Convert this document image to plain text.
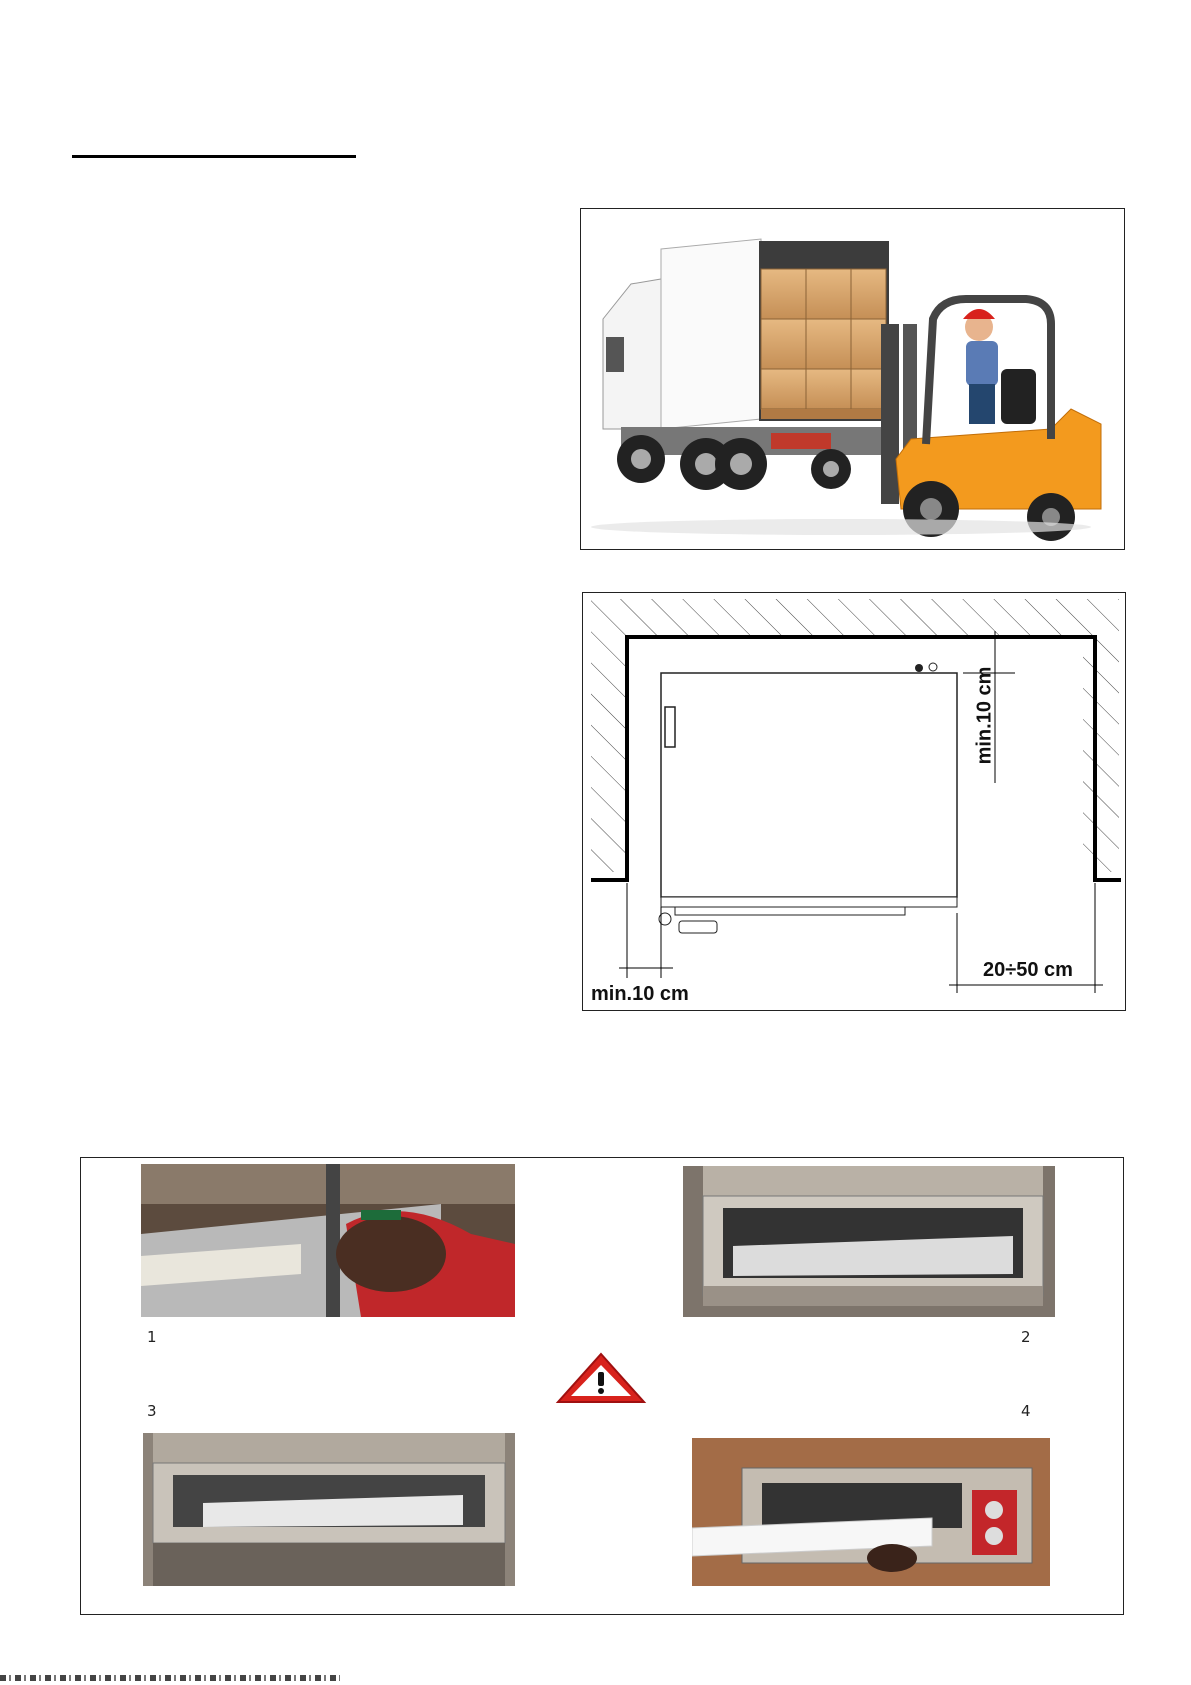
min.10 cm
min.10 cm
20÷50 cm
1	2
3	4
